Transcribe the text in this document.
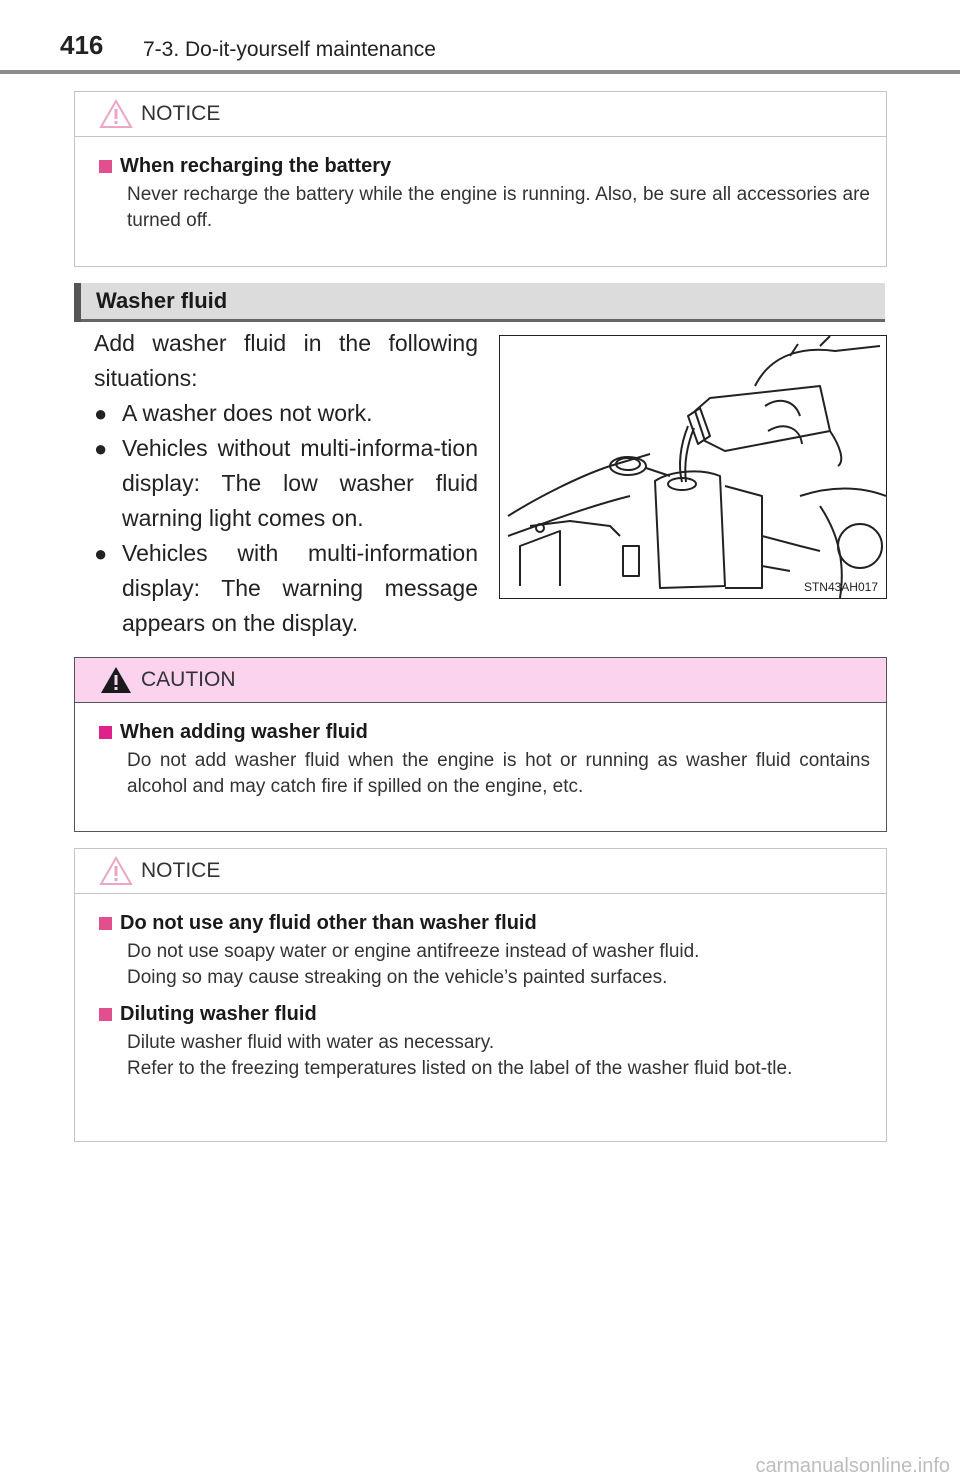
416 7-3. Do-it-yourself maintenance
NOTICE
When recharging the battery

Never recharge the battery while the engine is running. Also, be sure all accessories are turned off.

Washer fluid

Add washer fluid in the following situations:

● A washer does not work.
● Vehicles without multi-informa-tion display: The low washer fluid warning light comes on.
● Vehicles with multi-information display: The warning message appears on the display.
STN43AH017
CAUTION
When adding washer fluid

Do not add washer fluid when the engine is hot or running as washer fluid contains alcohol and may catch fire if spilled on the engine, etc.

NOTICE
Do not use any fluid other than washer fluid

Do not use soapy water or engine antifreeze instead of washer fluid.

Doing so may cause streaking on the vehicle’s painted surfaces.

Diluting washer fluid

Dilute washer fluid with water as necessary.

Refer to the freezing temperatures listed on the label of the washer fluid bot-tle.

carmanualsonline.info
